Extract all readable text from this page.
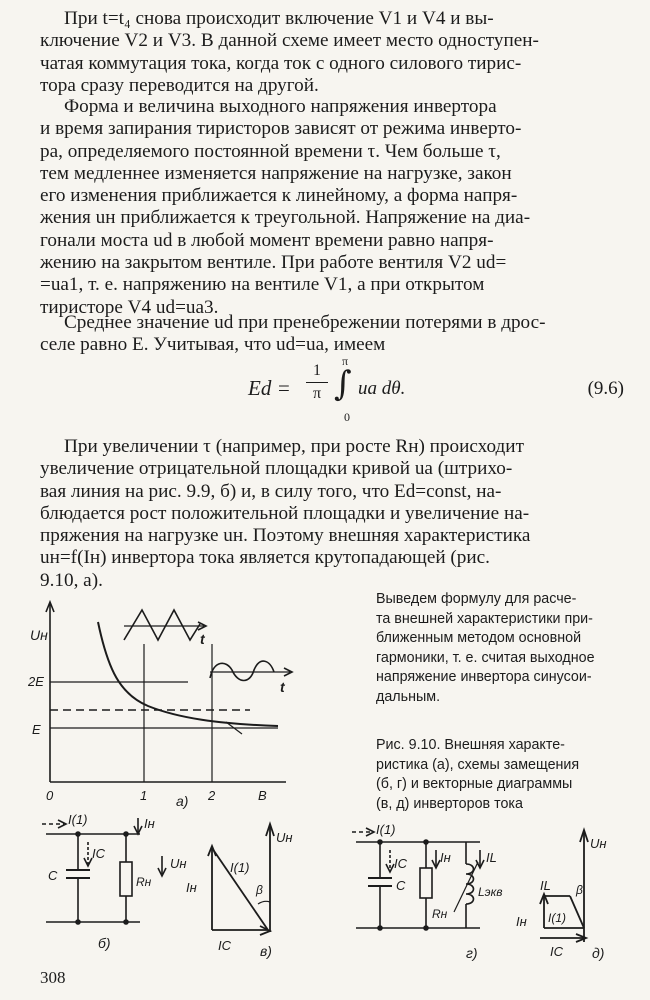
При t=t₄ снова происходит включение V1 и V4 и вы-
ключение V2 и V3. В данной схеме имеет место одноступен-
чатая коммутация тока, когда ток с одного силового тирис-
тора сразу переводится на другой.
Форма и величина выходного напряжения инвертора
и время запирания тиристоров зависят от режима инверто-
ра, определяемого постоянной времени τ. Чем больше τ,
тем медленнее изменяется напряжение на нагрузке, закон
его изменения приближается к линейному, а форма напря-
жения uн приближается к треугольной. Напряжение на диа-
гонали моста ud в любой момент времени равно напря-
жению на закрытом вентиле. При работе вентиля V2 ud=
=uа1, т. е. напряжению на вентиле V1, а при открытом
тиристоре V4 ud=uа3.
Среднее значение ud при пренебрежении потерями в дрос-
селе равно E. Учитывая, что ud=uа, имеем
Ed =
1
π ∫
π
0
uа dθ.	(9.6)
При увеличении τ (например, при росте Rн) происходит
увеличение отрицательной площадки кривой uа (штрихо-
вая линия на рис. 9.9, б) и, в силу того, что Ed=const, на-
блюдается рост положительной площадки и увеличение на-
пряжения на нагрузке uн. Поэтому внешняя характеристика
uн=f(Iн) инвертора тока является крутопадающей (рис.
9.10, а).
Выведем формулу для расче-
та внешней характеристики при-
ближенным методом основной
гармоники, т. е. считая выходное
напряжение инвертора синусои-
дальным.
Рис. 9.10. Внешняя характе-
ристика (а), схемы замещения
(б, г) и векторные диаграммы
(в, д) инверторов тока
Uн
2E
E
0	1	2	B
t
t
а)
I(1)	Iн
IC
C	Rн
Uн
б)
Uн
I(1)
Iн
IC
β
в)
I(1)
IC
C
Iн
Rн
IL
Lэкв
г)
Uн
IL
I(1)
Iн
IC
β
д)
308
